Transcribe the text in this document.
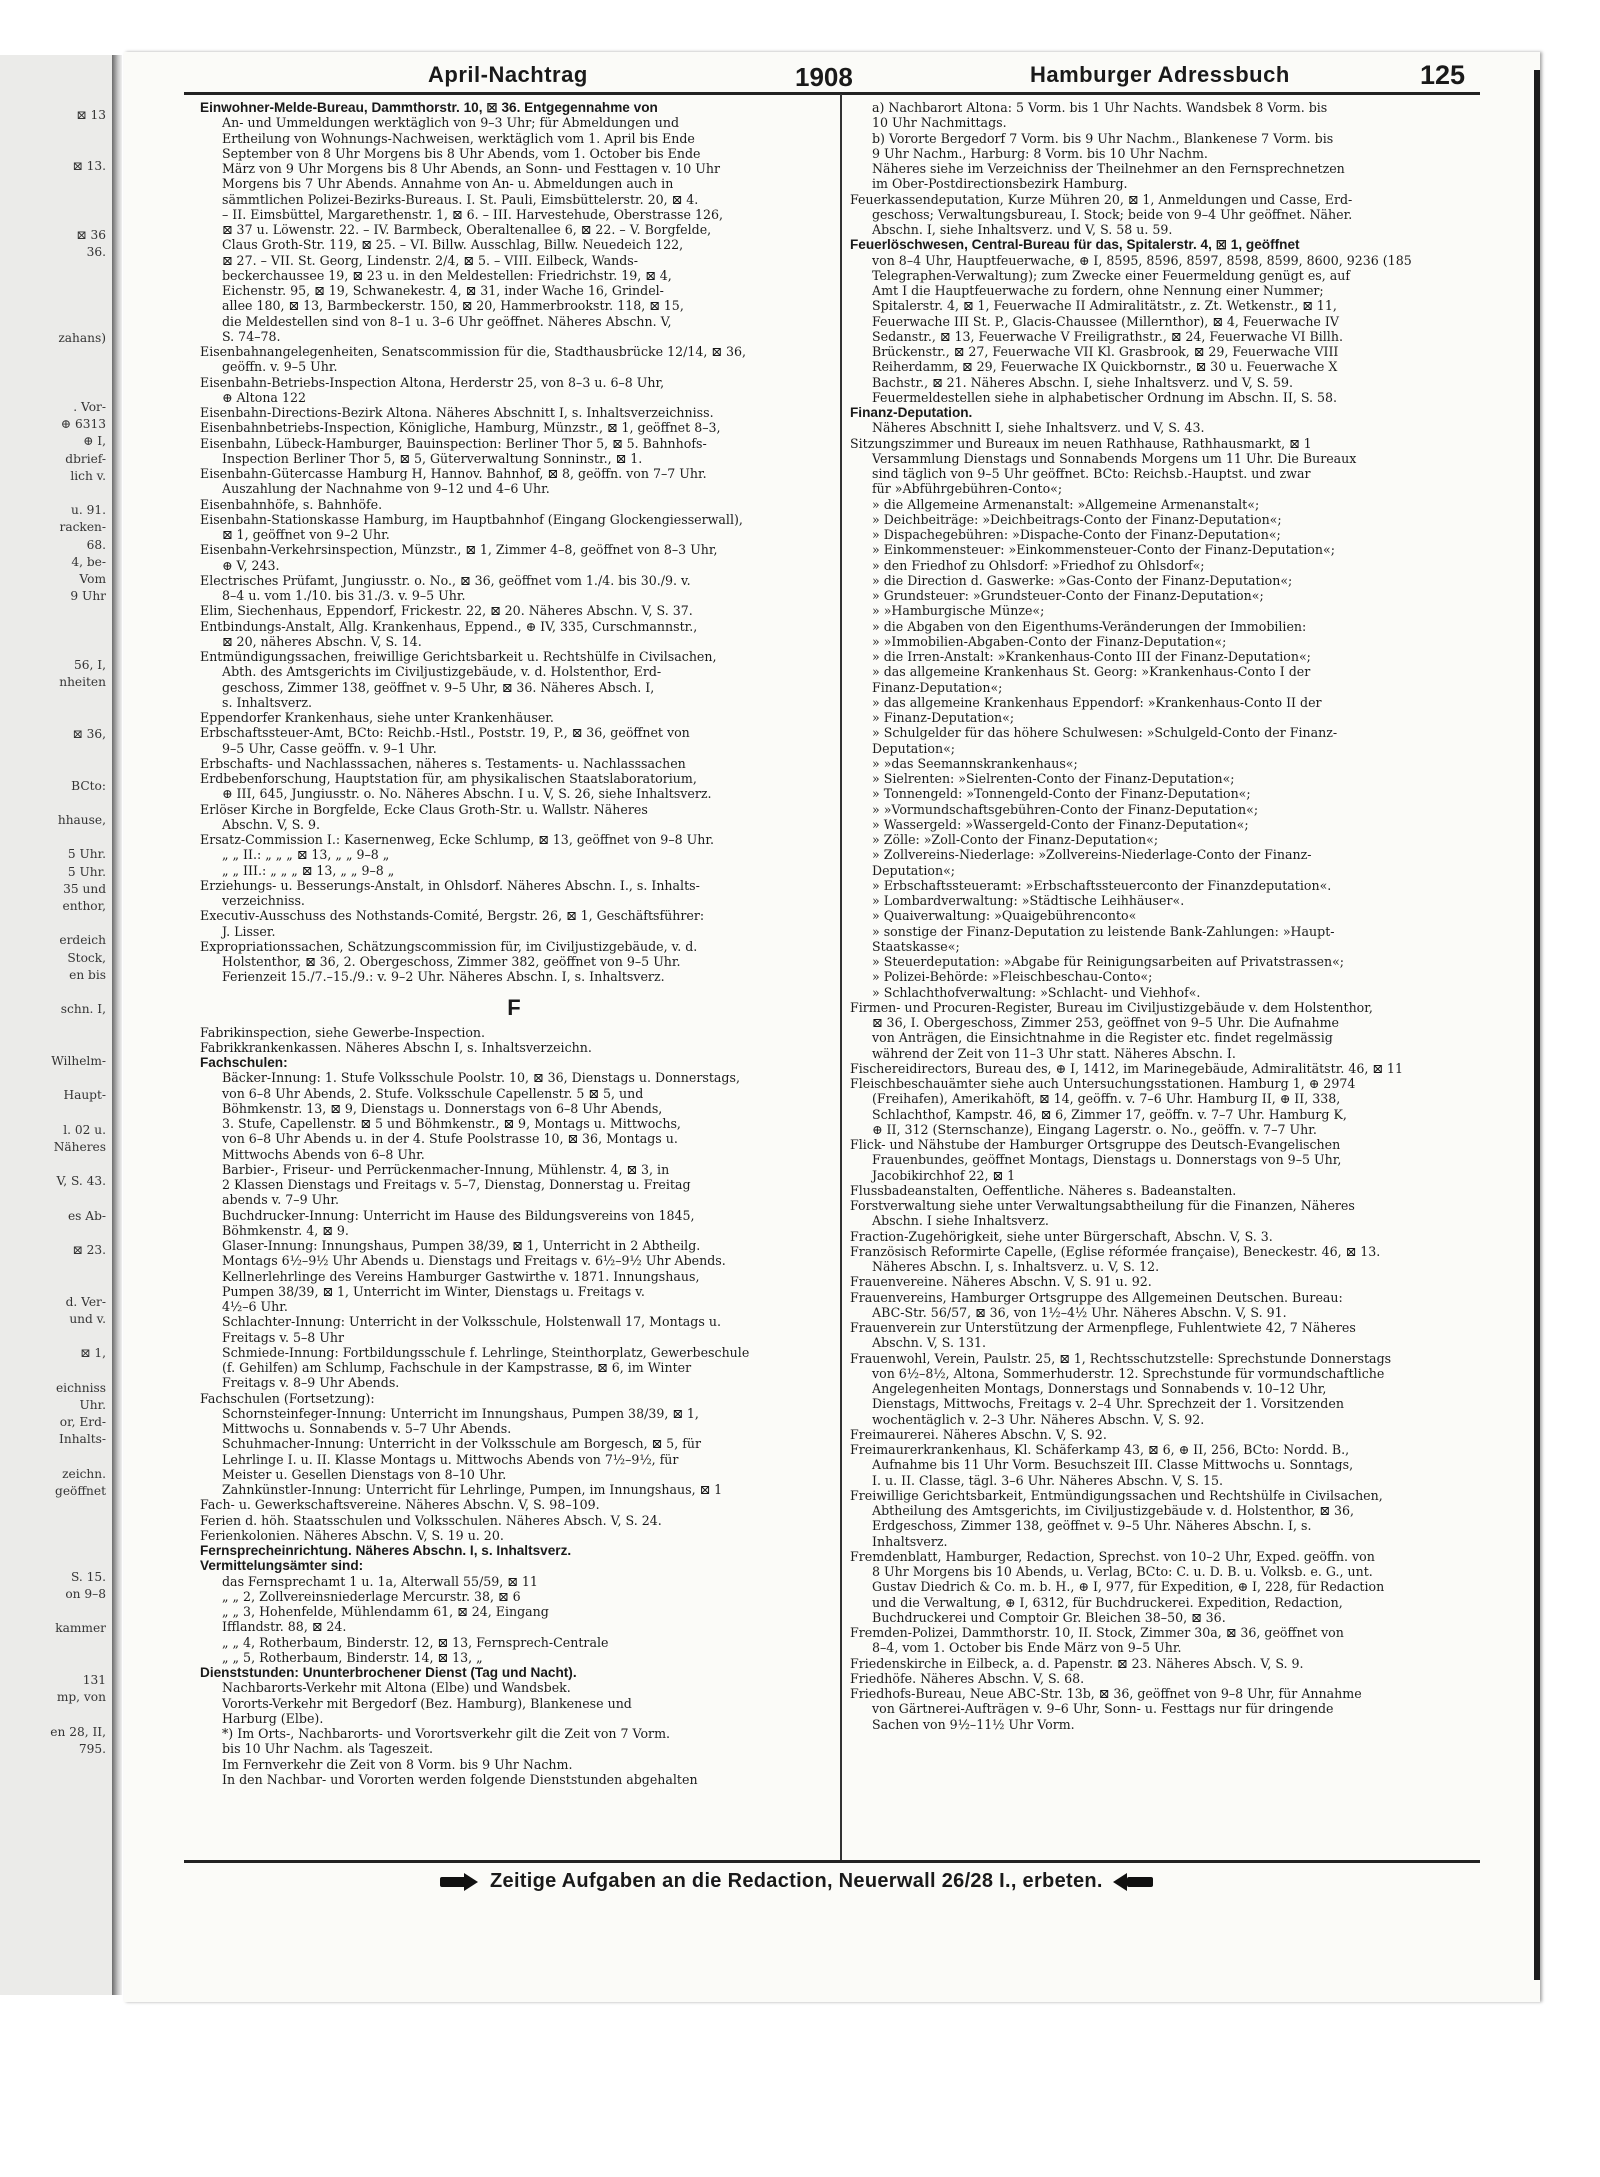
⊠ 13

⊠ 13.

⊠ 36
36.

zahans)

. Vor-
⊕ 6313
⊕ I,
dbrief-
lich v.

u. 91.
racken-
68.
4, be-
Vom
9 Uhr

56, I,
nheiten

⊠ 36,

BCto:

hhause,

5 Uhr.
5 Uhr.
35 und
enthor,

erdeich
Stock,
en bis

schn. I,

Wilhelm-

Haupt-

l. 02 u.
Näheres

V, S. 43.

es Ab-

⊠ 23.

d. Ver-
und v.

⊠ 1,

eichniss
Uhr.
or, Erd-
Inhalts-

zeichn.
geöffnet

S. 15.
on 9–8

kammer

131
mp, von

en 28, II,
795.
April-Nachtrag	1908	Hamburger Adressbuch	125
Einwohner-Melde-Bureau, Dammthorstr. 10, ⊠ 36. Entgegennahme von
An- und Ummeldungen werktäglich von 9–3 Uhr; für Abmeldungen und
Ertheilung von Wohnungs-Nachweisen, werktäglich vom 1. April bis Ende
September von 8 Uhr Morgens bis 8 Uhr Abends, vom 1. October bis Ende
März von 9 Uhr Morgens bis 8 Uhr Abends, an Sonn- und Festtagen v. 10 Uhr
Morgens bis 7 Uhr Abends. Annahme von An- u. Abmeldungen auch in
sämmtlichen Polizei-Bezirks-Bureaus. I. St. Pauli, Eimsbüttelerstr. 20, ⊠ 4.
– II. Eimsbüttel, Margarethenstr. 1, ⊠ 6. – III. Harvestehude, Oberstrasse 126,
⊠ 37 u. Löwenstr. 22. – IV. Barmbeck, Oberaltenallee 6, ⊠ 22. – V. Borgfelde,
Claus Groth-Str. 119, ⊠ 25. – VI. Billw. Ausschlag, Billw. Neuedeich 122,
⊠ 27. – VII. St. Georg, Lindenstr. 2/4, ⊠ 5. – VIII. Eilbeck, Wands-
beckerchaussee 19, ⊠ 23 u. in den Meldestellen: Friedrichstr. 19, ⊠ 4,
Eichenstr. 95, ⊠ 19, Schwanekestr. 4, ⊠ 31, inder Wache 16, Grindel-
allee 180, ⊠ 13, Barmbeckerstr. 150, ⊠ 20, Hammerbrookstr. 118, ⊠ 15,
die Meldestellen sind von 8–1 u. 3–6 Uhr geöffnet. Näheres Abschn. V,
S. 74–78.
Eisenbahnangelegenheiten, Senatscommission für die, Stadthausbrücke 12/14, ⊠ 36,
geöffn. v. 9–5 Uhr.
Eisenbahn-Betriebs-Inspection Altona, Herderstr 25, von 8–3 u. 6–8 Uhr,
⊕ Altona 122
Eisenbahn-Directions-Bezirk Altona. Näheres Abschnitt I, s. Inhaltsverzeichniss.
Eisenbahnbetriebs-Inspection, Königliche, Hamburg, Münzstr., ⊠ 1, geöffnet 8–3,
Eisenbahn, Lübeck-Hamburger, Bauinspection: Berliner Thor 5, ⊠ 5. Bahnhofs-
Inspection Berliner Thor 5, ⊠ 5, Güterverwaltung Sonninstr., ⊠ 1.
Eisenbahn-Gütercasse Hamburg H, Hannov. Bahnhof, ⊠ 8, geöffn. von 7–7 Uhr.
Auszahlung der Nachnahme von 9–12 und 4–6 Uhr.
Eisenbahnhöfe, s. Bahnhöfe.
Eisenbahn-Stationskasse Hamburg, im Hauptbahnhof (Eingang Glockengiesserwall),
⊠ 1, geöffnet von 9–2 Uhr.
Eisenbahn-Verkehrsinspection, Münzstr., ⊠ 1, Zimmer 4–8, geöffnet von 8–3 Uhr,
⊕ V, 243.
Electrisches Prüfamt, Jungiusstr. o. No., ⊠ 36, geöffnet vom 1./4. bis 30./9. v.
8–4 u. vom 1./10. bis 31./3. v. 9–5 Uhr.
Elim, Siechenhaus, Eppendorf, Frickestr. 22, ⊠ 20. Näheres Abschn. V, S. 37.
Entbindungs-Anstalt, Allg. Krankenhaus, Eppend., ⊕ IV, 335, Curschmannstr.,
⊠ 20, näheres Abschn. V, S. 14.
Entmündigungssachen, freiwillige Gerichtsbarkeit u. Rechtshülfe in Civilsachen,
Abth. des Amtsgerichts im Civiljustizgebäude, v. d. Holstenthor, Erd-
geschoss, Zimmer 138, geöffnet v. 9–5 Uhr, ⊠ 36. Näheres Absch. I,
s. Inhaltsverz.
Eppendorfer Krankenhaus, siehe unter Krankenhäuser.
Erbschaftssteuer-Amt, BCto: Reichb.-Hstl., Poststr. 19, P., ⊠ 36, geöffnet von
9–5 Uhr, Casse geöffn. v. 9–1 Uhr.
Erbschafts- und Nachlasssachen, näheres s. Testaments- u. Nachlasssachen
Erdbebenforschung, Hauptstation für, am physikalischen Staatslaboratorium,
⊕ III, 645, Jungiusstr. o. No. Näheres Abschn. I u. V, S. 26, siehe Inhaltsverz.
Erlöser Kirche in Borgfelde, Ecke Claus Groth-Str. u. Wallstr. Näheres
Abschn. V, S. 9.
Ersatz-Commission I.: Kasernenweg, Ecke Schlump, ⊠ 13, geöffnet von 9–8 Uhr.
„ „ II.: „ „ „ ⊠ 13, „ „ 9–8 „
„ „ III.: „ „ „ ⊠ 13, „ „ 9–8 „
Erziehungs- u. Besserungs-Anstalt, in Ohlsdorf. Näheres Abschn. I., s. Inhalts-
verzeichniss.
Executiv-Ausschuss des Nothstands-Comité, Bergstr. 26, ⊠ 1, Geschäftsführer:
J. Lisser.
Expropriationssachen, Schätzungscommission für, im Civiljustizgebäude, v. d.
Holstenthor, ⊠ 36, 2. Obergeschoss, Zimmer 382, geöffnet von 9–5 Uhr.
Ferienzeit 15./7.–15./9.: v. 9–2 Uhr. Näheres Abschn. I, s. Inhaltsverz.
F
Fabrikinspection, siehe Gewerbe-Inspection.
Fabrikkrankenkassen. Näheres Abschn I, s. Inhaltsverzeichn.
Fachschulen:
Bäcker-Innung: 1. Stufe Volksschule Poolstr. 10, ⊠ 36, Dienstags u. Donnerstags,
von 6–8 Uhr Abends, 2. Stufe. Volksschule Capellenstr. 5 ⊠ 5, und
Böhmkenstr. 13, ⊠ 9, Dienstags u. Donnerstags von 6–8 Uhr Abends,
3. Stufe, Capellenstr. ⊠ 5 und Böhmkenstr., ⊠ 9, Montags u. Mittwochs,
von 6–8 Uhr Abends u. in der 4. Stufe Poolstrasse 10, ⊠ 36, Montags u.
Mittwochs Abends von 6–8 Uhr.
Barbier-, Friseur- und Perrückenmacher-Innung, Mühlenstr. 4, ⊠ 3, in
2 Klassen Dienstags und Freitags v. 5–7, Dienstag, Donnerstag u. Freitag
abends v. 7–9 Uhr.
Buchdrucker-Innung: Unterricht im Hause des Bildungsvereins von 1845,
Böhmkenstr. 4, ⊠ 9.
Glaser-Innung: Innungshaus, Pumpen 38/39, ⊠ 1, Unterricht in 2 Abtheilg.
Montags 6½–9½ Uhr Abends u. Dienstags und Freitags v. 6½–9½ Uhr Abends.
Kellnerlehrlinge des Vereins Hamburger Gastwirthe v. 1871. Innungshaus,
Pumpen 38/39, ⊠ 1, Unterricht im Winter, Dienstags u. Freitags v.
4½–6 Uhr.
Schlachter-Innung: Unterricht in der Volksschule, Holstenwall 17, Montags u.
Freitags v. 5–8 Uhr
Schmiede-Innung: Fortbildungsschule f. Lehrlinge, Steinthorplatz, Gewerbeschule
(f. Gehilfen) am Schlump, Fachschule in der Kampstrasse, ⊠ 6, im Winter
Freitags v. 8–9 Uhr Abends.
Fachschulen (Fortsetzung):
Schornsteinfeger-Innung: Unterricht im Innungshaus, Pumpen 38/39, ⊠ 1,
Mittwochs u. Sonnabends v. 5–7 Uhr Abends.
Schuhmacher-Innung: Unterricht in der Volksschule am Borgesch, ⊠ 5, für
Lehrlinge I. u. II. Klasse Montags u. Mittwochs Abends von 7½–9½, für
Meister u. Gesellen Dienstags von 8–10 Uhr.
Zahnkünstler-Innung: Unterricht für Lehrlinge, Pumpen, im Innungshaus, ⊠ 1
Fach- u. Gewerkschaftsvereine. Näheres Abschn. V, S. 98–109.
Ferien d. höh. Staatsschulen und Volksschulen. Näheres Absch. V, S. 24.
Ferienkolonien. Näheres Abschn. V, S. 19 u. 20.
Fernsprecheinrichtung. Näheres Abschn. I, s. Inhaltsverz.
Vermittelungsämter sind:
das Fernsprechamt 1 u. 1a, Alterwall 55/59, ⊠ 11
„ „ 2, Zollvereinsniederlage Mercurstr. 38, ⊠ 6
„ „ 3, Hohenfelde, Mühlendamm 61, ⊠ 24, Eingang
Ifflandstr. 88, ⊠ 24.
„ „ 4, Rotherbaum, Binderstr. 12, ⊠ 13, Fernsprech-Centrale
„ „ 5, Rotherbaum, Binderstr. 14, ⊠ 13, „
Dienststunden: Ununterbrochener Dienst (Tag und Nacht).
Nachbarorts-Verkehr mit Altona (Elbe) und Wandsbek.
Vororts-Verkehr mit Bergedorf (Bez. Hamburg), Blankenese und
Harburg (Elbe).
*) Im Orts-, Nachbarorts- und Vorortsverkehr gilt die Zeit von 7 Vorm.
bis 10 Uhr Nachm. als Tageszeit.
Im Fernverkehr die Zeit von 8 Vorm. bis 9 Uhr Nachm.
In den Nachbar- und Vororten werden folgende Dienststunden abgehalten
a) Nachbarort Altona: 5 Vorm. bis 1 Uhr Nachts. Wandsbek 8 Vorm. bis
10 Uhr Nachmittags.
b) Vororte Bergedorf 7 Vorm. bis 9 Uhr Nachm., Blankenese 7 Vorm. bis
9 Uhr Nachm., Harburg: 8 Vorm. bis 10 Uhr Nachm.
Näheres siehe im Verzeichniss der Theilnehmer an den Fernsprechnetzen
im Ober-Postdirectionsbezirk Hamburg.
Feuerkassendeputation, Kurze Mühren 20, ⊠ 1, Anmeldungen und Casse, Erd-
geschoss; Verwaltungsbureau, I. Stock; beide von 9–4 Uhr geöffnet. Näher.
Abschn. I, siehe Inhaltsverz. und V, S. 58 u. 59.
Feuerlöschwesen, Central-Bureau für das, Spitalerstr. 4, ⊠ 1, geöffnet
von 8–4 Uhr, Hauptfeuerwache, ⊕ I, 8595, 8596, 8597, 8598, 8599, 8600, 9236 (185
Telegraphen-Verwaltung); zum Zwecke einer Feuermeldung genügt es, auf
Amt I die Hauptfeuerwache zu fordern, ohne Nennung einer Nummer;
Spitalerstr. 4, ⊠ 1, Feuerwache II Admiralitätstr., z. Zt. Wetkenstr., ⊠ 11,
Feuerwache III St. P., Glacis-Chaussee (Millernthor), ⊠ 4, Feuerwache IV
Sedanstr., ⊠ 13, Feuerwache V Freiligrathstr., ⊠ 24, Feuerwache VI Billh.
Brückenstr., ⊠ 27, Feuerwache VII Kl. Grasbrook, ⊠ 29, Feuerwache VIII
Reiherdamm, ⊠ 29, Feuerwache IX Quickbornstr., ⊠ 30 u. Feuerwache X
Bachstr., ⊠ 21. Näheres Abschn. I, siehe Inhaltsverz. und V, S. 59.
Feuermeldestellen siehe in alphabetischer Ordnung im Abschn. II, S. 58.
Finanz-Deputation.
Näheres Abschnitt I, siehe Inhaltsverz. und V, S. 43.
Sitzungszimmer und Bureaux im neuen Rathhause, Rathhausmarkt, ⊠ 1
Versammlung Dienstags und Sonnabends Morgens um 11 Uhr. Die Bureaux
sind täglich von 9–5 Uhr geöffnet. BCto: Reichsb.-Hauptst. und zwar
für »Abführgebühren-Conto«;
» die Allgemeine Armenanstalt: »Allgemeine Armenanstalt«;
» Deichbeiträge: »Deichbeitrags-Conto der Finanz-Deputation«;
» Dispachegebühren: »Dispache-Conto der Finanz-Deputation«;
» Einkommensteuer: »Einkommensteuer-Conto der Finanz-Deputation«;
» den Friedhof zu Ohlsdorf: »Friedhof zu Ohlsdorf«;
» die Direction d. Gaswerke: »Gas-Conto der Finanz-Deputation«;
» Grundsteuer: »Grundsteuer-Conto der Finanz-Deputation«;
» »Hamburgische Münze«;
» die Abgaben von den Eigenthums-Veränderungen der Immobilien:
» »Immobilien-Abgaben-Conto der Finanz-Deputation«;
» die Irren-Anstalt: »Krankenhaus-Conto III der Finanz-Deputation«;
» das allgemeine Krankenhaus St. Georg: »Krankenhaus-Conto I der
Finanz-Deputation«;
» das allgemeine Krankenhaus Eppendorf: »Krankenhaus-Conto II der
» Finanz-Deputation«;
» Schulgelder für das höhere Schulwesen: »Schulgeld-Conto der Finanz-
Deputation«;
» »das Seemannskrankenhaus«;
» Sielrenten: »Sielrenten-Conto der Finanz-Deputation«;
» Tonnengeld: »Tonnengeld-Conto der Finanz-Deputation«;
» »Vormundschaftsgebühren-Conto der Finanz-Deputation«;
» Wassergeld: »Wassergeld-Conto der Finanz-Deputation«;
» Zölle: »Zoll-Conto der Finanz-Deputation«;
» Zollvereins-Niederlage: »Zollvereins-Niederlage-Conto der Finanz-
Deputation«;
» Erbschaftssteueramt: »Erbschaftssteuerconto der Finanzdeputation«.
» Lombardverwaltung: »Städtische Leihhäuser«.
» Quaiverwaltung: »Quaigebührenconto«
» sonstige der Finanz-Deputation zu leistende Bank-Zahlungen: »Haupt-
Staatskasse«;
» Steuerdeputation: »Abgabe für Reinigungsarbeiten auf Privatstrassen«;
» Polizei-Behörde: »Fleischbeschau-Conto«;
» Schlachthofverwaltung: »Schlacht- und Viehhof«.
Firmen- und Procuren-Register, Bureau im Civiljustizgebäude v. dem Holstenthor,
⊠ 36, I. Obergeschoss, Zimmer 253, geöffnet von 9–5 Uhr. Die Aufnahme
von Anträgen, die Einsichtnahme in die Register etc. findet regelmässig
während der Zeit von 11–3 Uhr statt. Näheres Abschn. I.
Fischereidirectors, Bureau des, ⊕ I, 1412, im Marinegebäude, Admiralitätstr. 46, ⊠ 11
Fleischbeschauämter siehe auch Untersuchungsstationen. Hamburg 1, ⊕ 2974
(Freihafen), Amerikahöft, ⊠ 14, geöffn. v. 7–6 Uhr. Hamburg II, ⊕ II, 338,
Schlachthof, Kampstr. 46, ⊠ 6, Zimmer 17, geöffn. v. 7–7 Uhr. Hamburg K,
⊕ II, 312 (Sternschanze), Eingang Lagerstr. o. No., geöffn. v. 7–7 Uhr.
Flick- und Nähstube der Hamburger Ortsgruppe des Deutsch-Evangelischen
Frauenbundes, geöffnet Montags, Dienstags u. Donnerstags von 9–5 Uhr,
Jacobikirchhof 22, ⊠ 1
Flussbadeanstalten, Oeffentliche. Näheres s. Badeanstalten.
Forstverwaltung siehe unter Verwaltungsabtheilung für die Finanzen, Näheres
Abschn. I siehe Inhaltsverz.
Fraction-Zugehörigkeit, siehe unter Bürgerschaft, Abschn. V, S. 3.
Französisch Reformirte Capelle, (Eglise réformée française), Beneckestr. 46, ⊠ 13.
Näheres Abschn. I, s. Inhaltsverz. u. V, S. 12.
Frauenvereine. Näheres Abschn. V, S. 91 u. 92.
Frauenvereins, Hamburger Ortsgruppe des Allgemeinen Deutschen. Bureau:
ABC-Str. 56/57, ⊠ 36, von 1½–4½ Uhr. Näheres Abschn. V, S. 91.
Frauenverein zur Unterstützung der Armenpflege, Fuhlentwiete 42, 7 Näheres
Abschn. V, S. 131.
Frauenwohl, Verein, Paulstr. 25, ⊠ 1, Rechtsschutzstelle: Sprechstunde Donnerstags
von 6½–8½, Altona, Sommerhuderstr. 12. Sprechstunde für vormundschaftliche
Angelegenheiten Montags, Donnerstags und Sonnabends v. 10–12 Uhr,
Dienstags, Mittwochs, Freitags v. 2–4 Uhr. Sprechzeit der 1. Vorsitzenden
wochentäglich v. 2–3 Uhr. Näheres Abschn. V, S. 92.
Freimaurerei. Näheres Abschn. V, S. 92.
Freimaurerkrankenhaus, Kl. Schäferkamp 43, ⊠ 6, ⊕ II, 256, BCto: Nordd. B.,
Aufnahme bis 11 Uhr Vorm. Besuchszeit III. Classe Mittwochs u. Sonntags,
I. u. II. Classe, tägl. 3–6 Uhr. Näheres Abschn. V, S. 15.
Freiwillige Gerichtsbarkeit, Entmündigungssachen und Rechtshülfe in Civilsachen,
Abtheilung des Amtsgerichts, im Civiljustizgebäude v. d. Holstenthor, ⊠ 36,
Erdgeschoss, Zimmer 138, geöffnet v. 9–5 Uhr. Näheres Abschn. I, s.
Inhaltsverz.
Fremdenblatt, Hamburger, Redaction, Sprechst. von 10–2 Uhr, Exped. geöffn. von
8 Uhr Morgens bis 10 Abends, u. Verlag, BCto: C. u. D. B. u. Volksb. e. G., unt.
Gustav Diedrich & Co. m. b. H., ⊕ I, 977, für Expedition, ⊕ I, 228, für Redaction
und die Verwaltung, ⊕ I, 6312, für Buchdruckerei. Expedition, Redaction,
Buchdruckerei und Comptoir Gr. Bleichen 38–50, ⊠ 36.
Fremden-Polizei, Dammthorstr. 10, II. Stock, Zimmer 30a, ⊠ 36, geöffnet von
8–4, vom 1. October bis Ende März von 9–5 Uhr.
Friedenskirche in Eilbeck, a. d. Papenstr. ⊠ 23. Näheres Absch. V, S. 9.
Friedhöfe. Näheres Abschn. V, S. 68.
Friedhofs-Bureau, Neue ABC-Str. 13b, ⊠ 36, geöffnet von 9–8 Uhr, für Annahme
von Gärtnerei-Aufträgen v. 9–6 Uhr, Sonn- u. Festtags nur für dringende
Sachen von 9½–11½ Uhr Vorm.
Zeitige Aufgaben an die Redaction, Neuerwall 26/28 I., erbeten.
